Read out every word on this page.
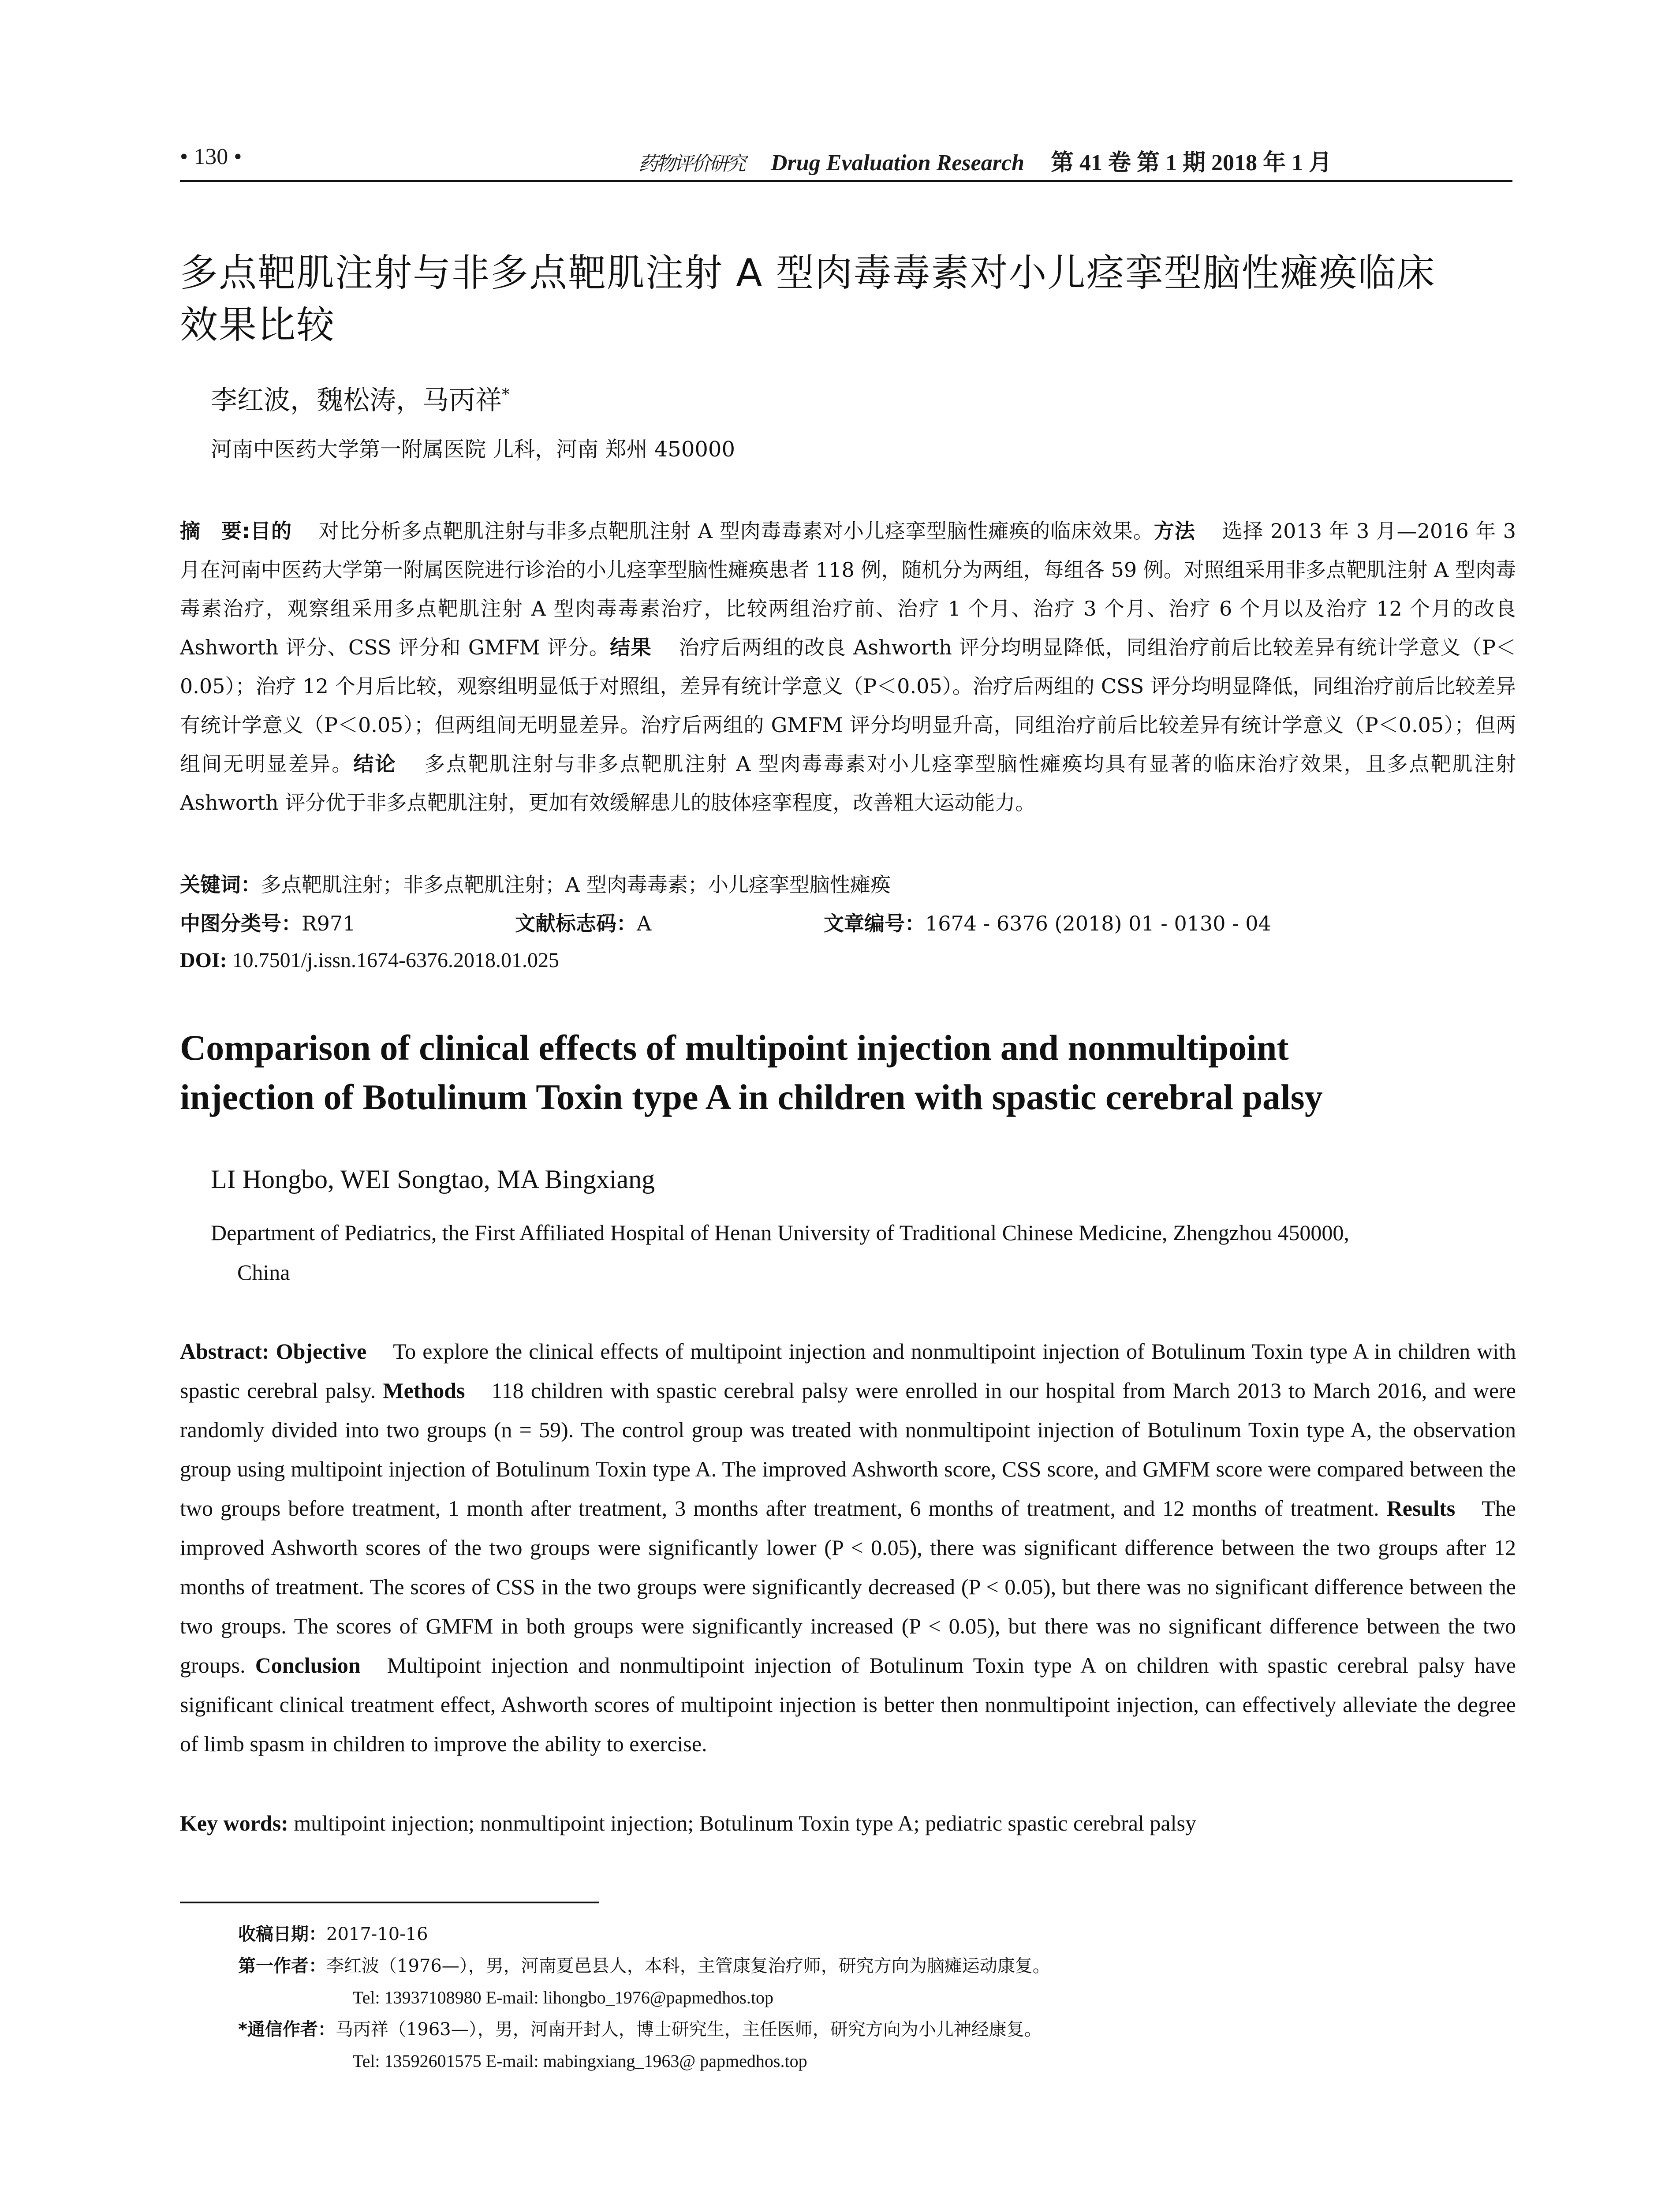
• 130 •	药物评价研究 Drug Evaluation Research 第 41 卷 第 1 期 2018 年 1 月
多点靶肌注射与非多点靶肌注射 A 型肉毒毒素对小儿痉挛型脑性瘫痪临床
效果比较
李红波，魏松涛，马丙祥*
河南中医药大学第一附属医院 儿科，河南 郑州 450000
摘　要:目的 对比分析多点靶肌注射与非多点靶肌注射 A 型肉毒毒素对小儿痉挛型脑性瘫痪的临床效果。方法 选择 2013 年 3 月—2016 年 3 月在河南中医药大学第一附属医院进行诊治的小儿痉挛型脑性瘫痪患者 118 例，随机分为两组，每组各 59 例。对照组采用非多点靶肌注射 A 型肉毒毒素治疗，观察组采用多点靶肌注射 A 型肉毒毒素治疗，比较两组治疗前、治疗 1 个月、治疗 3 个月、治疗 6 个月以及治疗 12 个月的改良 Ashworth 评分、CSS 评分和 GMFM 评分。结果 治疗后两组的改良 Ashworth 评分均明显降低，同组治疗前后比较差异有统计学意义（P＜0.05）；治疗 12 个月后比较，观察组明显低于对照组，差异有统计学意义（P＜0.05）。治疗后两组的 CSS 评分均明显降低，同组治疗前后比较差异有统计学意义（P＜0.05）；但两组间无明显差异。治疗后两组的 GMFM 评分均明显升高，同组治疗前后比较差异有统计学意义（P＜0.05）；但两组间无明显差异。结论 多点靶肌注射与非多点靶肌注射 A 型肉毒毒素对小儿痉挛型脑性瘫痪均具有显著的临床治疗效果，且多点靶肌注射 Ashworth 评分优于非多点靶肌注射，更加有效缓解患儿的肢体痉挛程度，改善粗大运动能力。
关键词：多点靶肌注射；非多点靶肌注射；A 型肉毒毒素；小儿痉挛型脑性瘫痪
中图分类号：R971	文献标志码：A	文章编号：1674 - 6376 (2018) 01 - 0130 - 04
DOI: 10.7501/j.issn.1674-6376.2018.01.025
Comparison of clinical effects of multipoint injection and nonmultipoint
injection of Botulinum Toxin type A in children with spastic cerebral palsy
LI Hongbo, WEI Songtao, MA Bingxiang
Department of Pediatrics, the First Affiliated Hospital of Henan University of Traditional Chinese Medicine, Zhengzhou 450000,
China
Abstract: Objective To explore the clinical effects of multipoint injection and nonmultipoint injection of Botulinum Toxin type A in children with spastic cerebral palsy. Methods 118 children with spastic cerebral palsy were enrolled in our hospital from March 2013 to March 2016, and were randomly divided into two groups (n = 59). The control group was treated with nonmultipoint injection of Botulinum Toxin type A, the observation group using multipoint injection of Botulinum Toxin type A. The improved Ashworth score, CSS score, and GMFM score were compared between the two groups before treatment, 1 month after treatment, 3 months after treatment, 6 months of treatment, and 12 months of treatment. Results The improved Ashworth scores of the two groups were significantly lower (P < 0.05), there was significant difference between the two groups after 12 months of treatment. The scores of CSS in the two groups were significantly decreased (P < 0.05), but there was no significant difference between the two groups. The scores of GMFM in both groups were significantly increased (P < 0.05), but there was no significant difference between the two groups. Conclusion Multipoint injection and nonmultipoint injection of Botulinum Toxin type A on children with spastic cerebral palsy have significant clinical treatment effect, Ashworth scores of multipoint injection is better then nonmultipoint injection, can effectively alleviate the degree of limb spasm in children to improve the ability to exercise.
Key words: multipoint injection; nonmultipoint injection; Botulinum Toxin type A; pediatric spastic cerebral palsy
收稿日期：2017-10-16
第一作者：李红波（1976—），男，河南夏邑县人，本科，主管康复治疗师，研究方向为脑瘫运动康复。
Tel: 13937108980 E-mail: lihongbo_1976@papmedhos.top
*通信作者：马丙祥（1963—），男，河南开封人，博士研究生，主任医师，研究方向为小儿神经康复。
Tel: 13592601575 E-mail: mabingxiang_1963@ papmedhos.top
